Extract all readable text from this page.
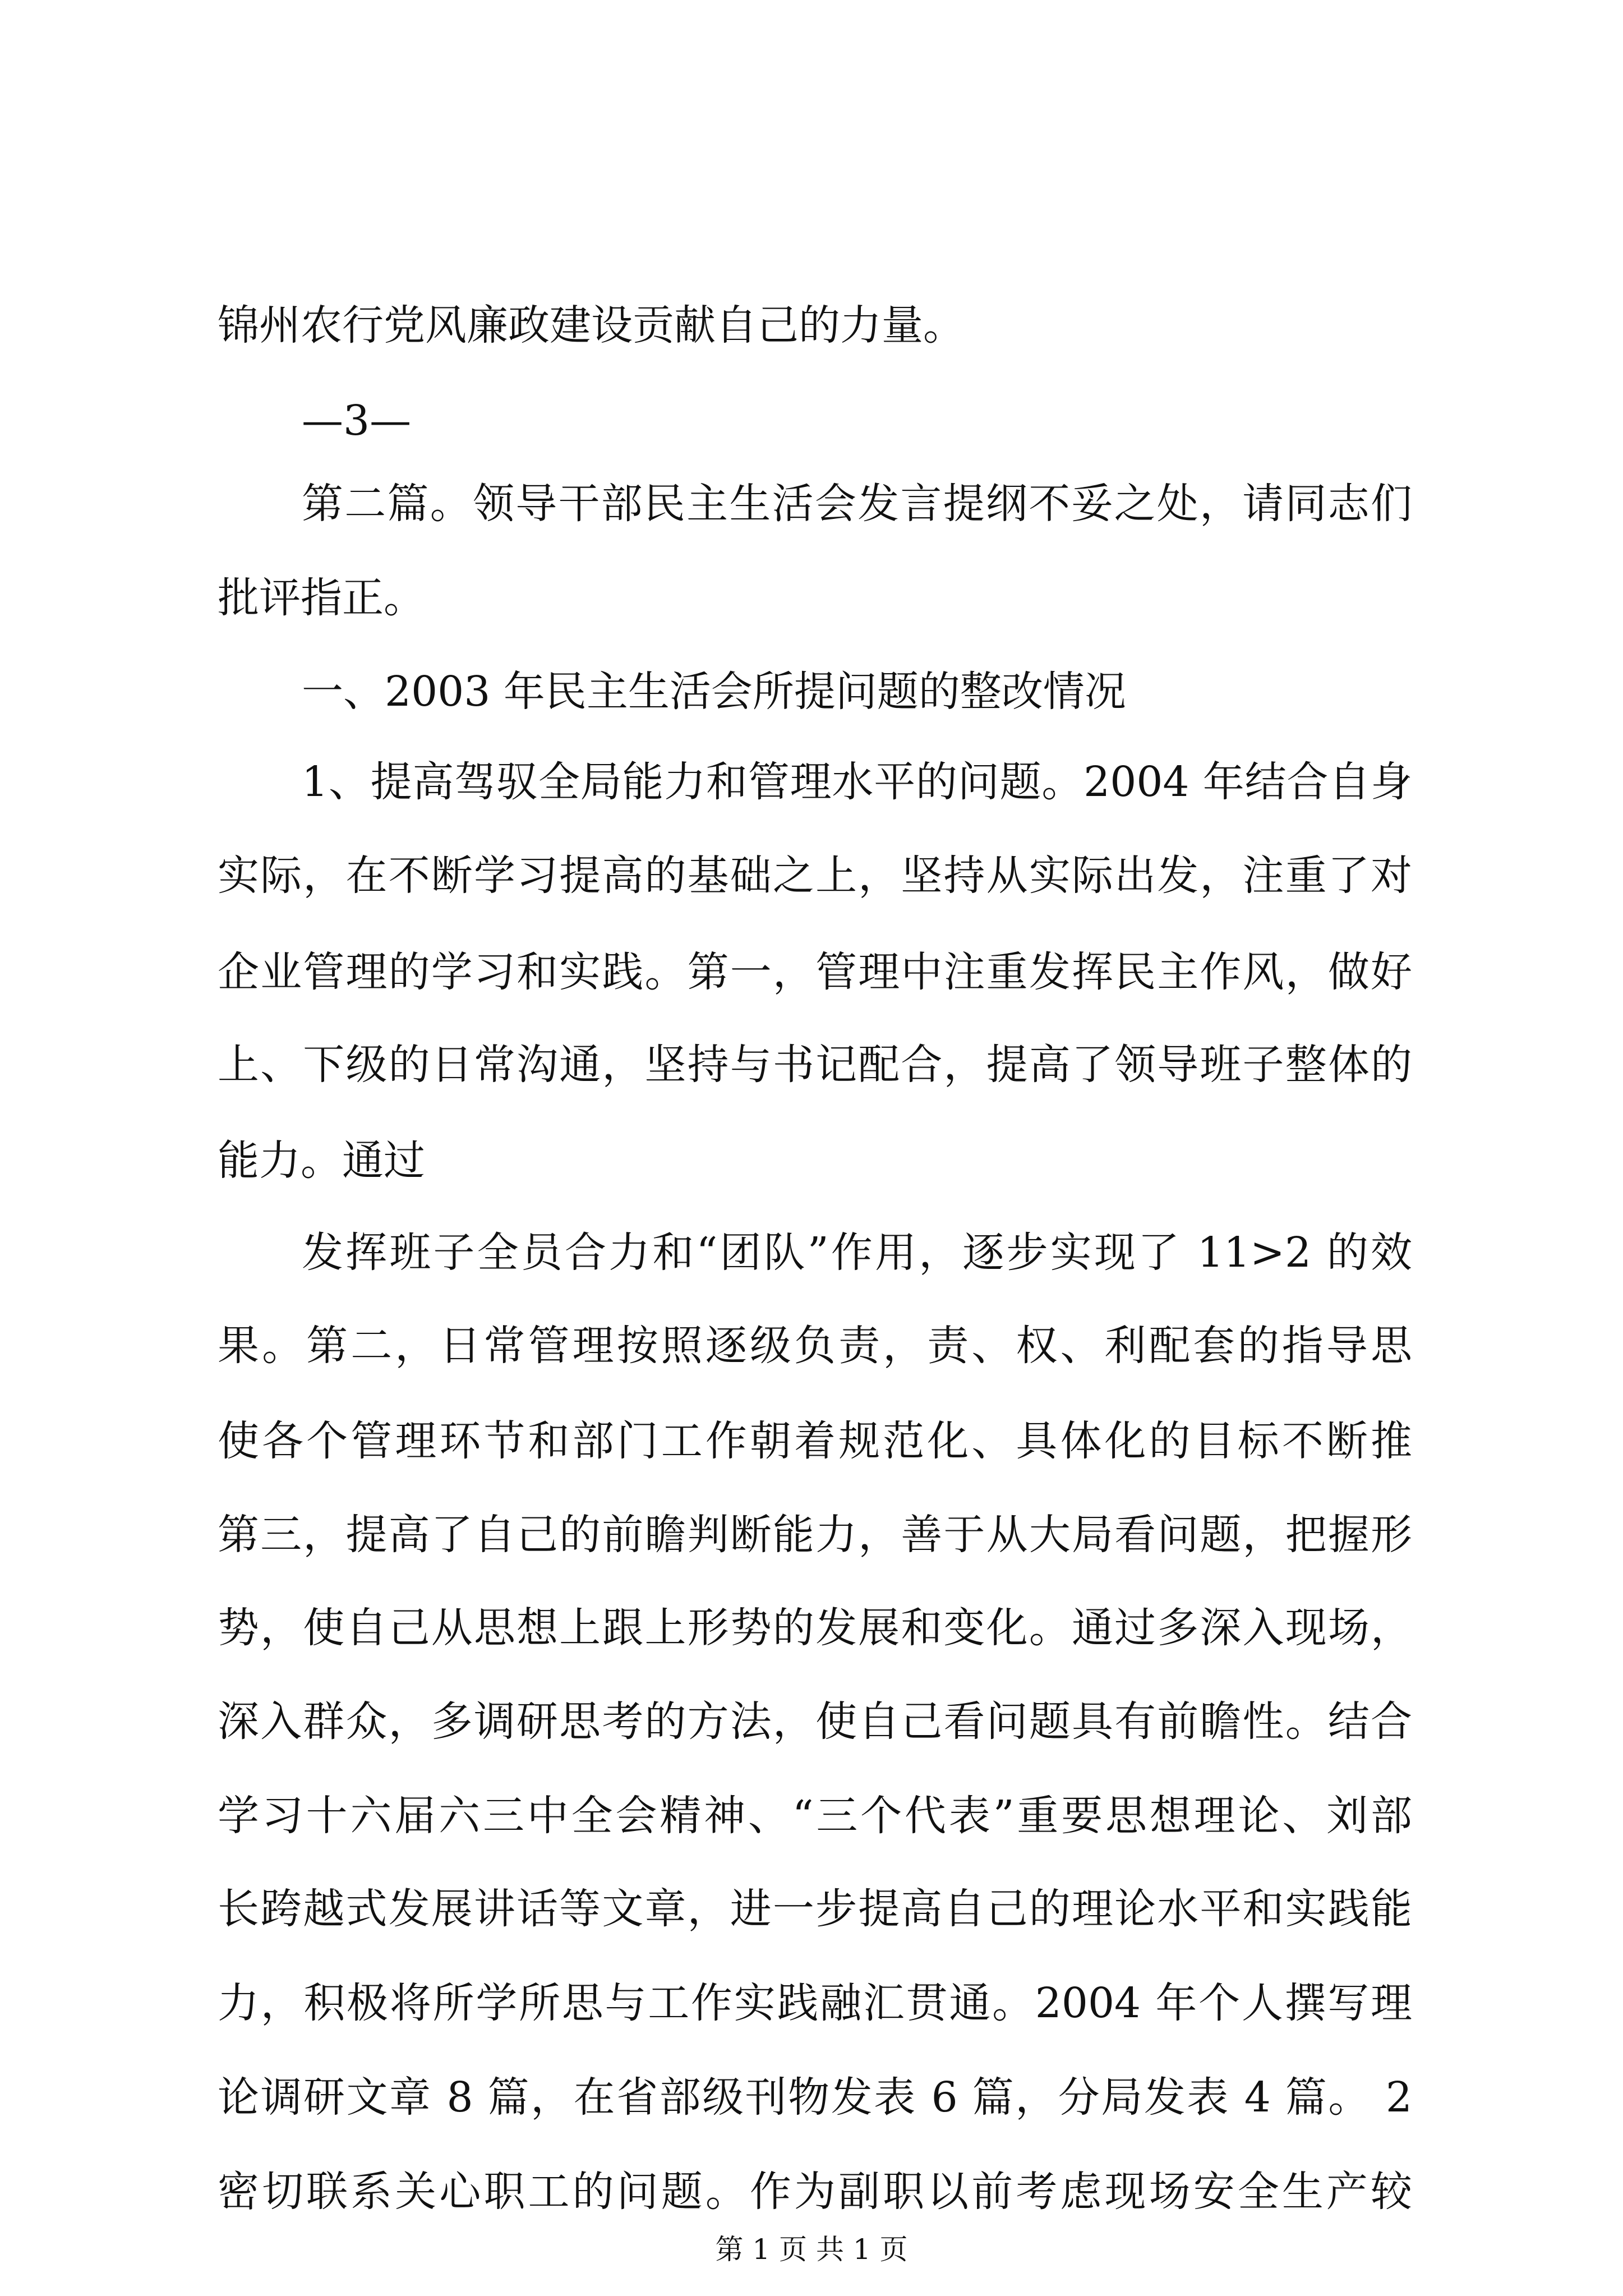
锦州农行党风廉政建设贡献自己的力量。
—3—
第二篇。领导干部民主生活会发言提纲不妥之处，请同志们
批评指正。
一、2003 年民主生活会所提问题的整改情况
1、提高驾驭全局能力和管理水平的问题。2004 年结合自身
实际，在不断学习提高的基础之上，坚持从实际出发，注重了对
企业管理的学习和实践。第一，管理中注重发挥民主作风，做好
上、下级的日常沟通，坚持与书记配合，提高了领导班子整体的
能力。通过
发挥班子全员合力和“团队”作用，逐步实现了 11>2 的效
果。第二，日常管理按照逐级负责，责、权、利配套的指导思
使各个管理环节和部门工作朝着规范化、具体化的目标不断推
第三，提高了自己的前瞻判断能力，善于从大局看问题，把握形
势，使自己从思想上跟上形势的发展和变化。通过多深入现场，
深入群众，多调研思考的方法，使自己看问题具有前瞻性。结合
学习十六届六三中全会精神、“三个代表”重要思想理论、刘部
长跨越式发展讲话等文章，进一步提高自己的理论水平和实践能
力，积极将所学所思与工作实践融汇贯通。2004 年个人撰写理
论调研文章 8 篇，在省部级刊物发表 6 篇，分局发表 4 篇。 2
密切联系关心职工的问题。作为副职以前考虑现场安全生产较
第 1 页 共 1 页
